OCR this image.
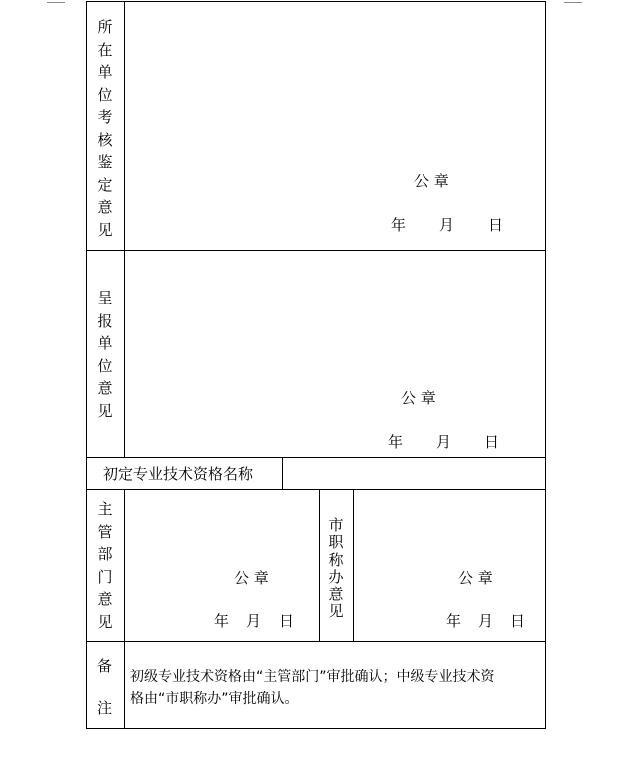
所
在
单
位
考
核
鉴
定
意
见
公 章
年 月 日
呈
报
单
位
意
见
公 章
年 月 日
初定专业技术资格名称
主
管
部
门
意
见
公 章
年 月 日
市
职
称
办
意
见
公 章
年 月 日
备
注
初级专业技术资格由“主管部门”审批确认；中级专业技术资
格由“市职称办”审批确认。
